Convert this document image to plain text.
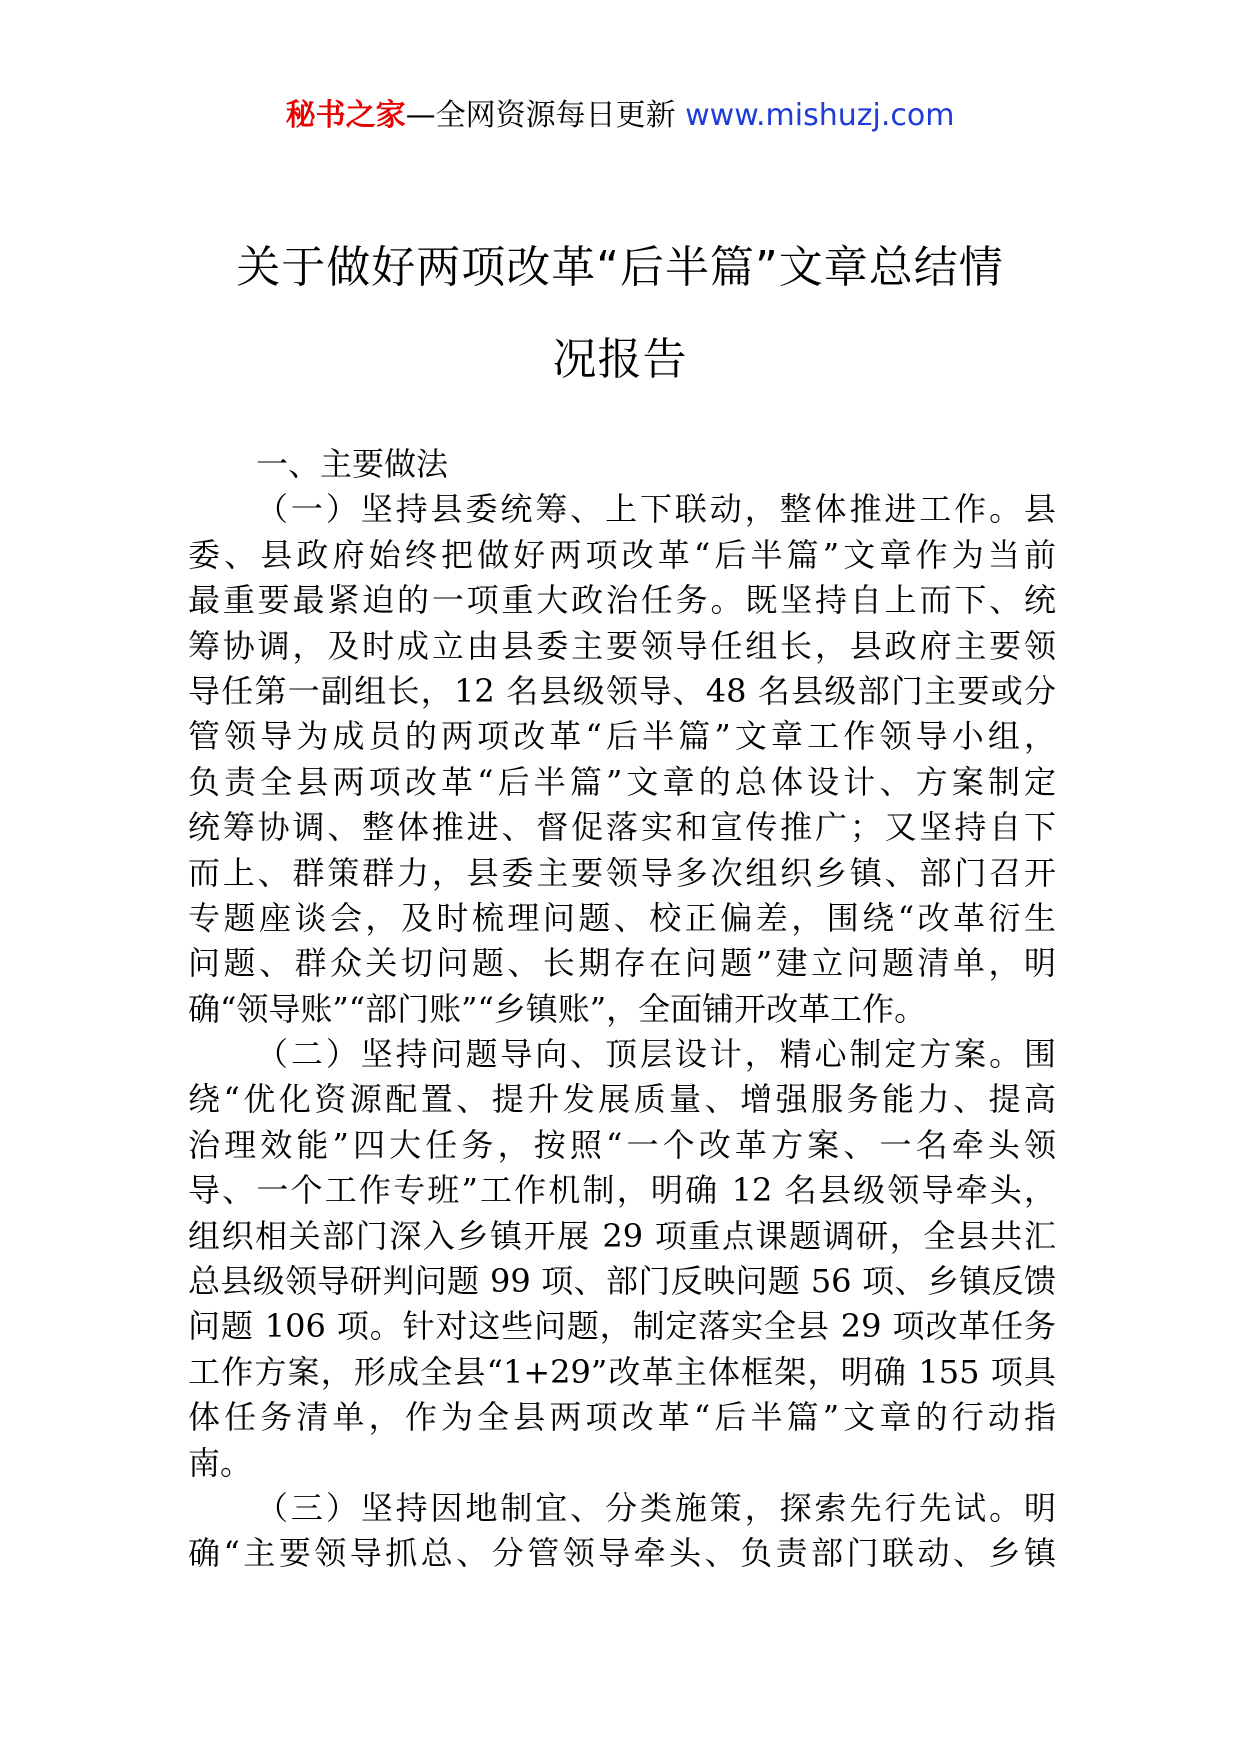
秘书之家—全网资源每日更新 www.mishuzj.com
关于做好两项改革“后半篇”文章总结情
况报告
一、主要做法
（一）坚持县委统筹、上下联动，整体推进工作。县
委、县政府始终把做好两项改革“后半篇”文章作为当前
最重要最紧迫的一项重大政治任务。既坚持自上而下、统
筹协调，及时成立由县委主要领导任组长，县政府主要领
导任第一副组长，12 名县级领导、48 名县级部门主要或分
管领导为成员的两项改革“后半篇”文章工作领导小组，
负责全县两项改革“后半篇”文章的总体设计、方案制定
统筹协调、整体推进、督促落实和宣传推广；又坚持自下
而上、群策群力，县委主要领导多次组织乡镇、部门召开
专题座谈会，及时梳理问题、校正偏差，围绕“改革衍生
问题、群众关切问题、长期存在问题”建立问题清单，明
确“领导账”“部门账”“乡镇账”，全面铺开改革工作。
（二）坚持问题导向、顶层设计，精心制定方案。围
绕“优化资源配置、提升发展质量、增强服务能力、提高
治理效能”四大任务，按照“一个改革方案、一名牵头领
导、一个工作专班”工作机制，明确 12 名县级领导牵头，
组织相关部门深入乡镇开展 29 项重点课题调研，全县共汇
总县级领导研判问题 99 项、部门反映问题 56 项、乡镇反馈
问题 106 项。针对这些问题，制定落实全县 29 项改革任务
工作方案，形成全县“1+29”改革主体框架，明确 155 项具
体任务清单，作为全县两项改革“后半篇”文章的行动指
南。
（三）坚持因地制宜、分类施策，探索先行先试。明
确“主要领导抓总、分管领导牵头、负责部门联动、乡镇
